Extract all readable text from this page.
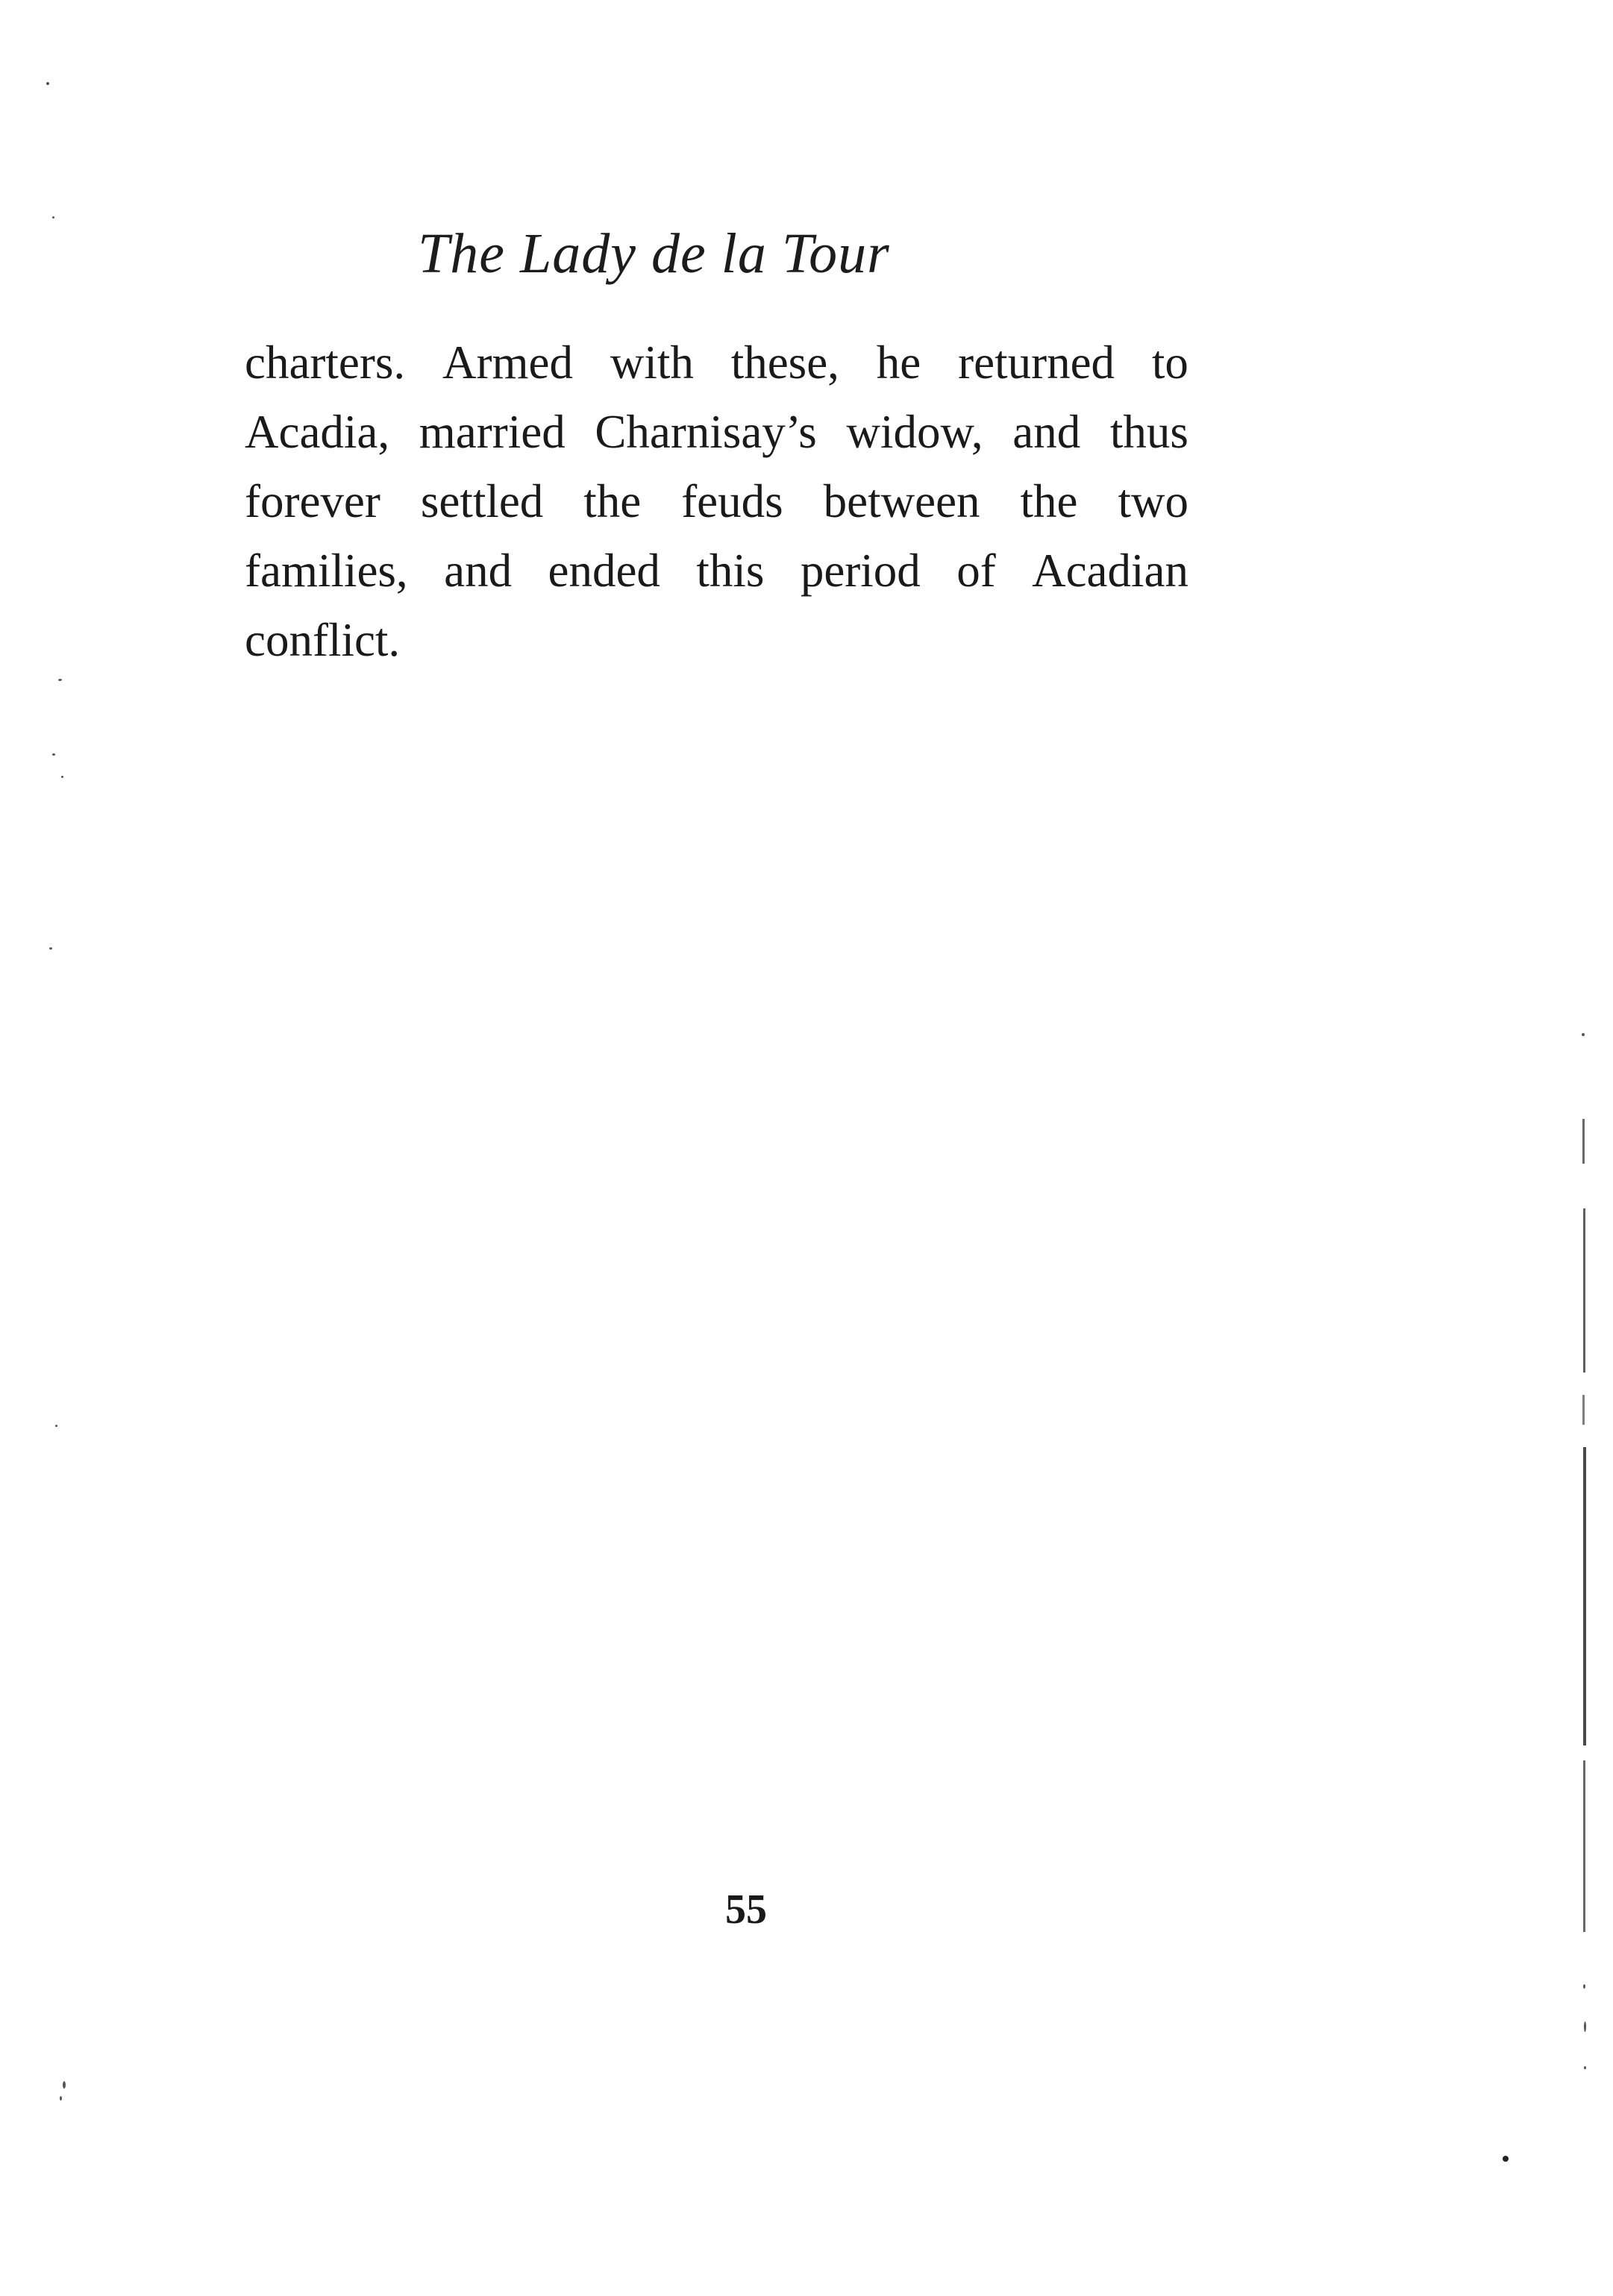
The Lady de la Tour
charters. Armed with these, he returned to
Acadia, married Charnisay’s widow, and thus
forever settled the feuds between the two
families, and ended this period of Acadian
conflict.
55
